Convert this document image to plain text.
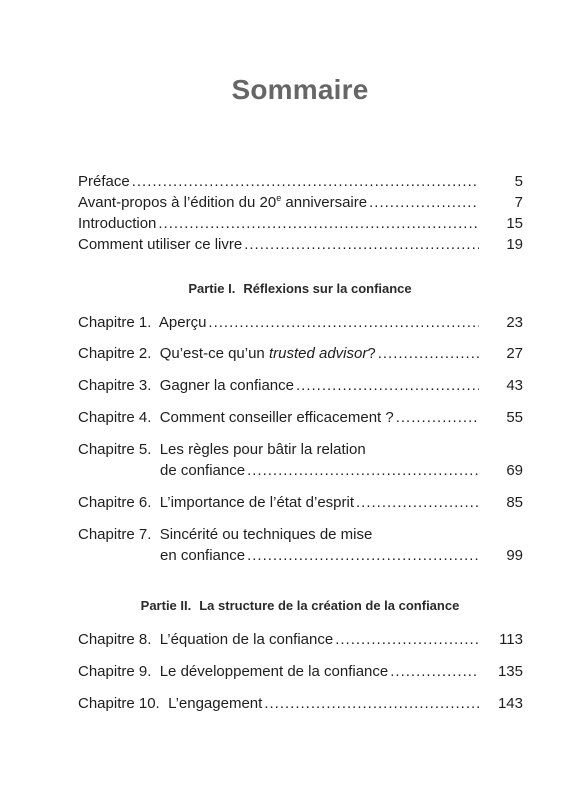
Sommaire
Préface .....	5
Avant-propos à l’édition du 20e anniversaire .....	7
Introduction .....	15
Comment utiliser ce livre .....	19
Partie I. Réflexions sur la confiance
Chapitre 1. Aperçu .....	23
Chapitre 2. Qu’est-ce qu’un trusted advisor? .....	27
Chapitre 3. Gagner la confiance .....	43
Chapitre 4. Comment conseiller efficacement ? .....	55
Chapitre 5. Les règles pour bâtir la relation
de confiance .....	69
Chapitre 6. L’importance de l’état d’esprit .....	85
Chapitre 7. Sincérité ou techniques de mise
en confiance .....	99
Partie II. La structure de la création de la confiance
Chapitre 8. L’équation de la confiance .....	113
Chapitre 9. Le développement de la confiance .....	135
Chapitre 10. L’engagement .....	143
